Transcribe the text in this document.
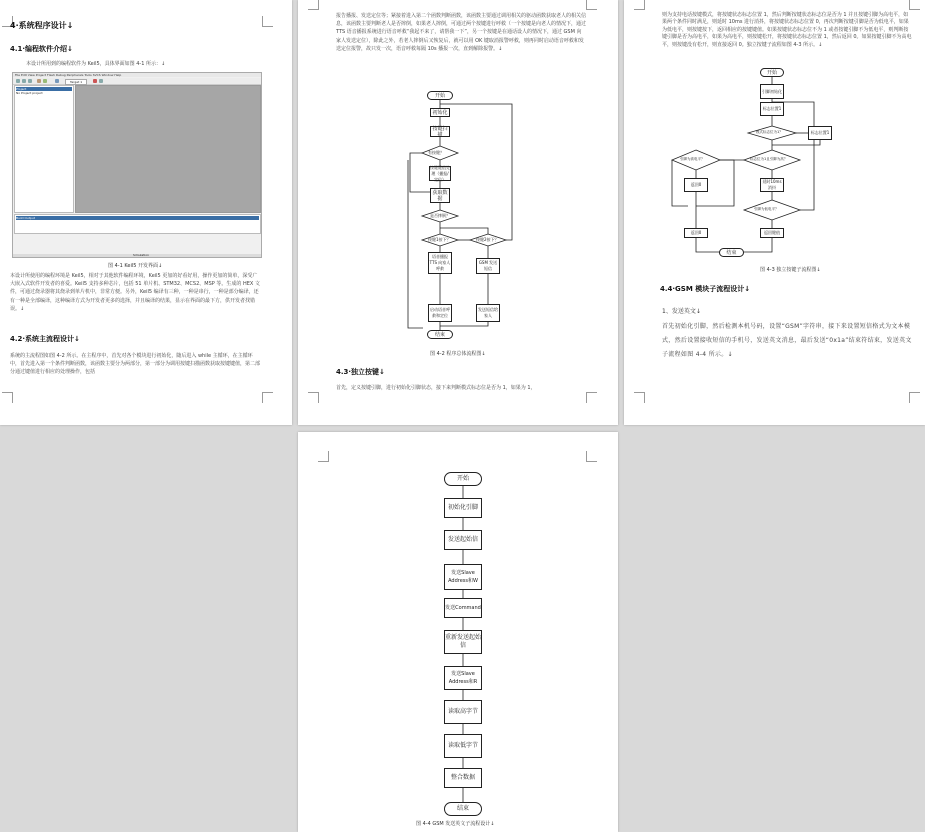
4·系统程序设计↓
4.1·编程软件介绍↓
本设计所用到的编程软件为 Keil5，具体界面如图 4-1 所示：↓
File Edit View Project Flash Debug Peripherals Tools SVCS Window Help
Target 1
Project
No Project project
Build Output
Simulation
图 4-1 Keil5 开发界面↓
本设计所使用的编程环境是 Keil5，相对于其他软件编程环境，Keil5 更加的好看好用，操作更加的简单，深受广大嵌入式软件开发者的喜爱。Keil5 支持多种芯片，包括 51 单片机、STM32、MCS2、MSP 等。生成的 HEX 文件，可通过烧录器将其烧录到单片机中，非常方便。另外，Keil5 编译有三种，一种是串行，一种是部分编译，还有一种是全部编译，这种编译方式为开发者更多的选择，并且编译的结果，显示在界面的最下方，供开发者找错误。↓
4.2·系统主流程设计↓
系统的主流程图如图 4-2 所示。在主程序中，首先对各个模块进行初始化，随后进入 while 主循环，在主循环中，首先进入第一个条件判断函数，该函数主要分为两部分，第一部分为调用按键扫描函数获取按键键值，第二部分通过键值进行相应的处理操作，包括
报告播报、发送定位等；紧接着进入第二个函数判断函数，该函数主要通过调用相关的驱动函数获取老人的相关信息，该函数主要判断老人是否摔倒，如果老人摔倒，可通过两个按键进行呼救（一个按键是向老人的情况下，通过 TTS 语音播报系统进行语音呼救“我起不来了，请帮我一下”，另一个按键是在通话设人的情况下，通过 GSM 向家人发送定位），除此之外，若老人摔倒后又恢复后，就可以用 OK 键取消报警呼救，则再同时启动语音呼救和发送定位报警，故只发一次，语音呼救每隔 10s 播报一次，直到解除报警。↓
开始
初始化
按键扫描
有按键？
按键键值处理（播报/定位）
获取数据
是否摔倒？
按键1按下？	按键2按下？
语音播报 TTS 向家人呼救
GSM 发送短信
启动语音呼救和定位
发送短信给家人
结束
图 4-2 程序总体流程图↓
4.3·独立按键↓
首先，定义按键引脚，进行初始化引脚状态，接下来判断模式标志位是否为 1，如果为 1，
则为支持电话按键模式，将按键状态标志位置 1，然后判断按键状态标志位是否为 1 并且按键引脚为高电平，如果两个条件同时满足，则延时 10ms 进行消抖，将按键状态标志位置 0，再次判断按键引脚是否为低电平，如果为低电平，则按键按下，返回相应的按键键值。如果按键状态标志位不为 1 或者按键引脚不为低电平，则判断按键引脚是否为高电平，如果为高电平，则按键松开，将按键状态标志位置 1，然后返回 0。如果按键引脚不为高电平，则按键没有松开，则直接返回 0。独立按键子流程如图 4-3 所示。↓
开始
引脚初始化
标志位置1
模式标志位为1？	标志位置1
标志位为1且引脚为高？
引脚为高电平？
返回0
延时10ms消抖
引脚为低电平？
返回0	返回键值
结束
图 4-3 独立按键子流程图↓
4.4·GSM 模块子流程设计↓
1、发送英文↓
首先初始化引脚，然后检测本机号码，设置“GSM”字符串，接下来设置短信格式为文本模式，然后设置接收短信的手机号，发送英文消息，最后发送“0x1a”结束符结束，发送英文子流程如图 4-4 所示。↓
开始
初始化引脚
发送起始信
发送Slave Address和W
发送Command
重新发送起始信
发送Slave Address和R
读取高字节
读取低字节
整合数据
结束
图 4-4 GSM 发送英文子流程设计↓
